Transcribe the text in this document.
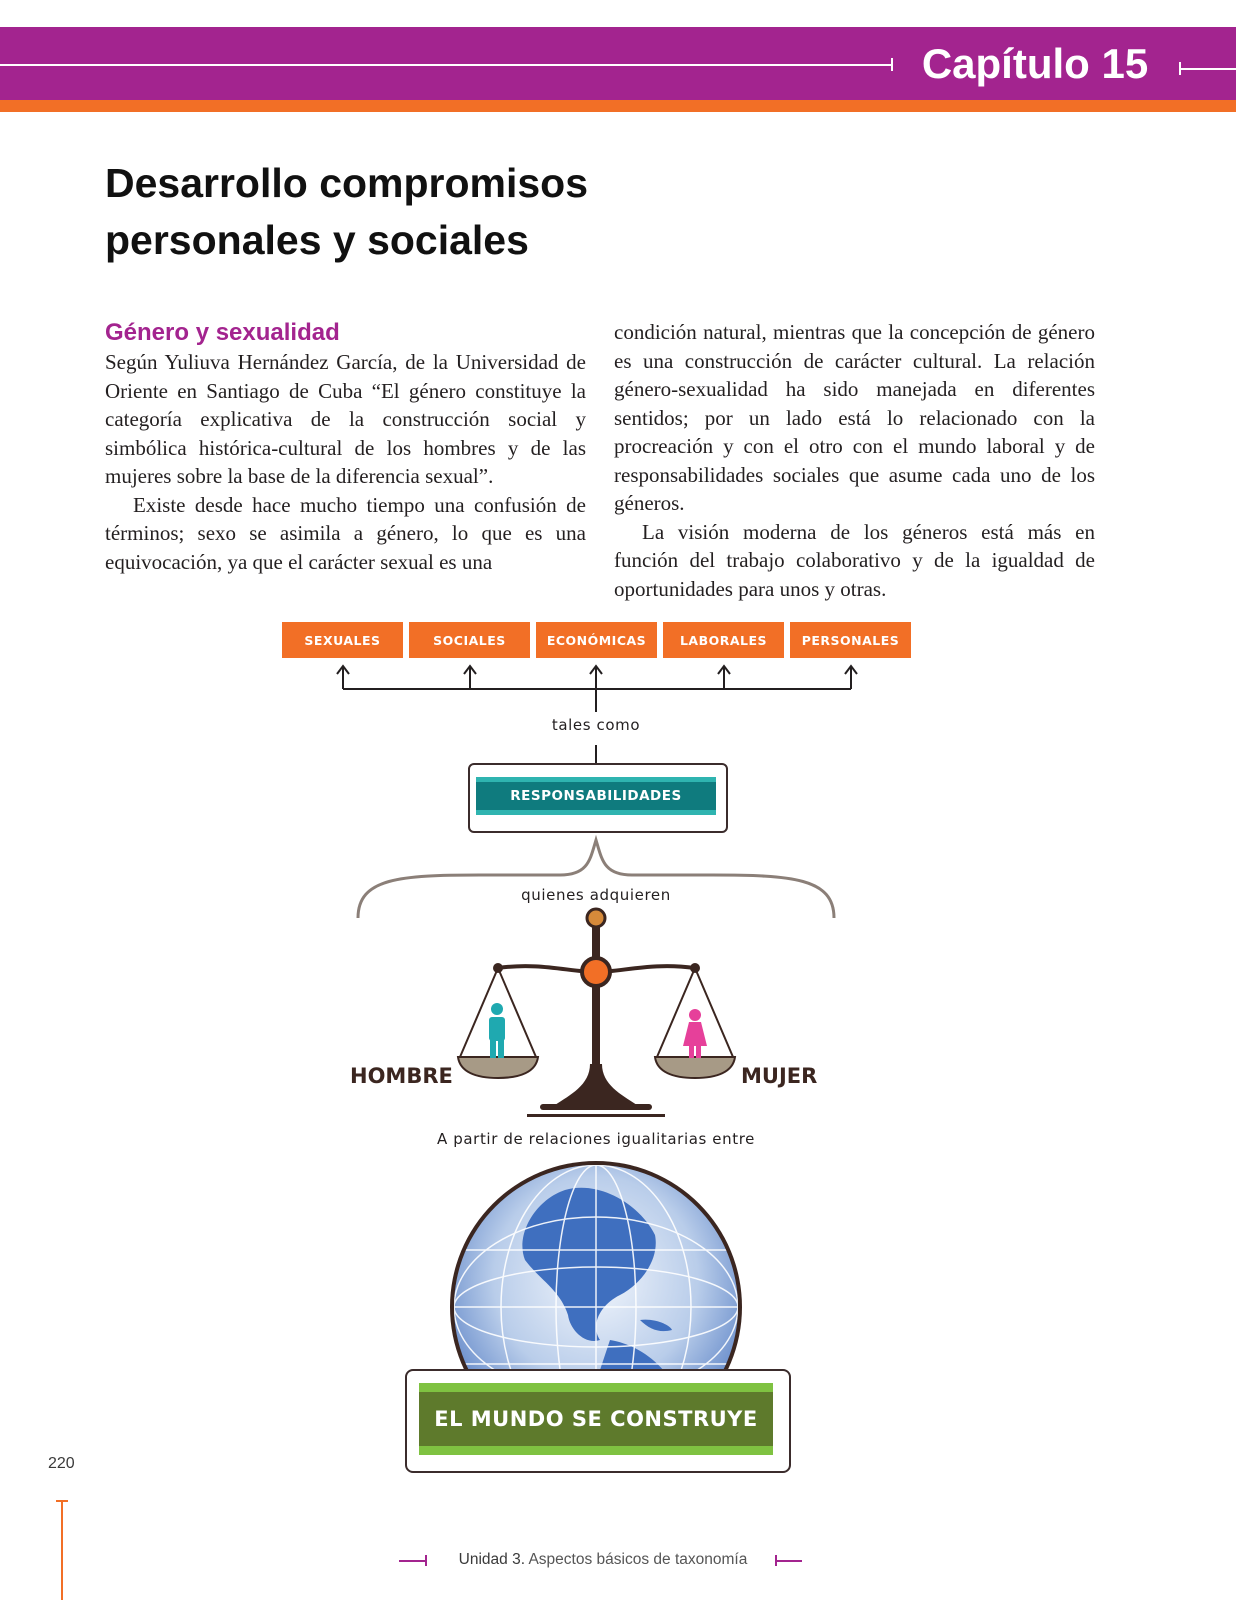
Capítulo 15
Desarrollo compromisos
personales y sociales
Género y sexualidad

Según Yuliuva Hernández García, de la Universidad de Oriente en Santiago de Cuba “El género constituye la categoría explicativa de la construcción social y simbólica histórica-cultural de los hombres y de las mujeres sobre la base de la diferencia sexual”.

Existe desde hace mucho tiempo una confusión de términos; sexo se asimila a género, lo que es una equivocación, ya que el carácter sexual es una

condición natural, mientras que la concepción de género es una construcción de carácter cultural. La relación género-sexualidad ha sido manejada en diferentes sentidos; por un lado está lo relacionado con la procreación y con el otro con el mundo laboral y de responsabilidades sociales que asume cada uno de los géneros.

La visión moderna de los géneros está más en función del trabajo colaborativo y de la igualdad de oportunidades para unos y otras.

SEXUALES	SOCIALES	ECONÓMICAS	LABORALES	PERSONALES
tales como
RESPONSABILIDADES
quienes adquieren
HOMBRE	MUJER
A partir de relaciones igualitarias entre
EL MUNDO SE CONSTRUYE
220
Unidad 3. Aspectos básicos de taxonomía
